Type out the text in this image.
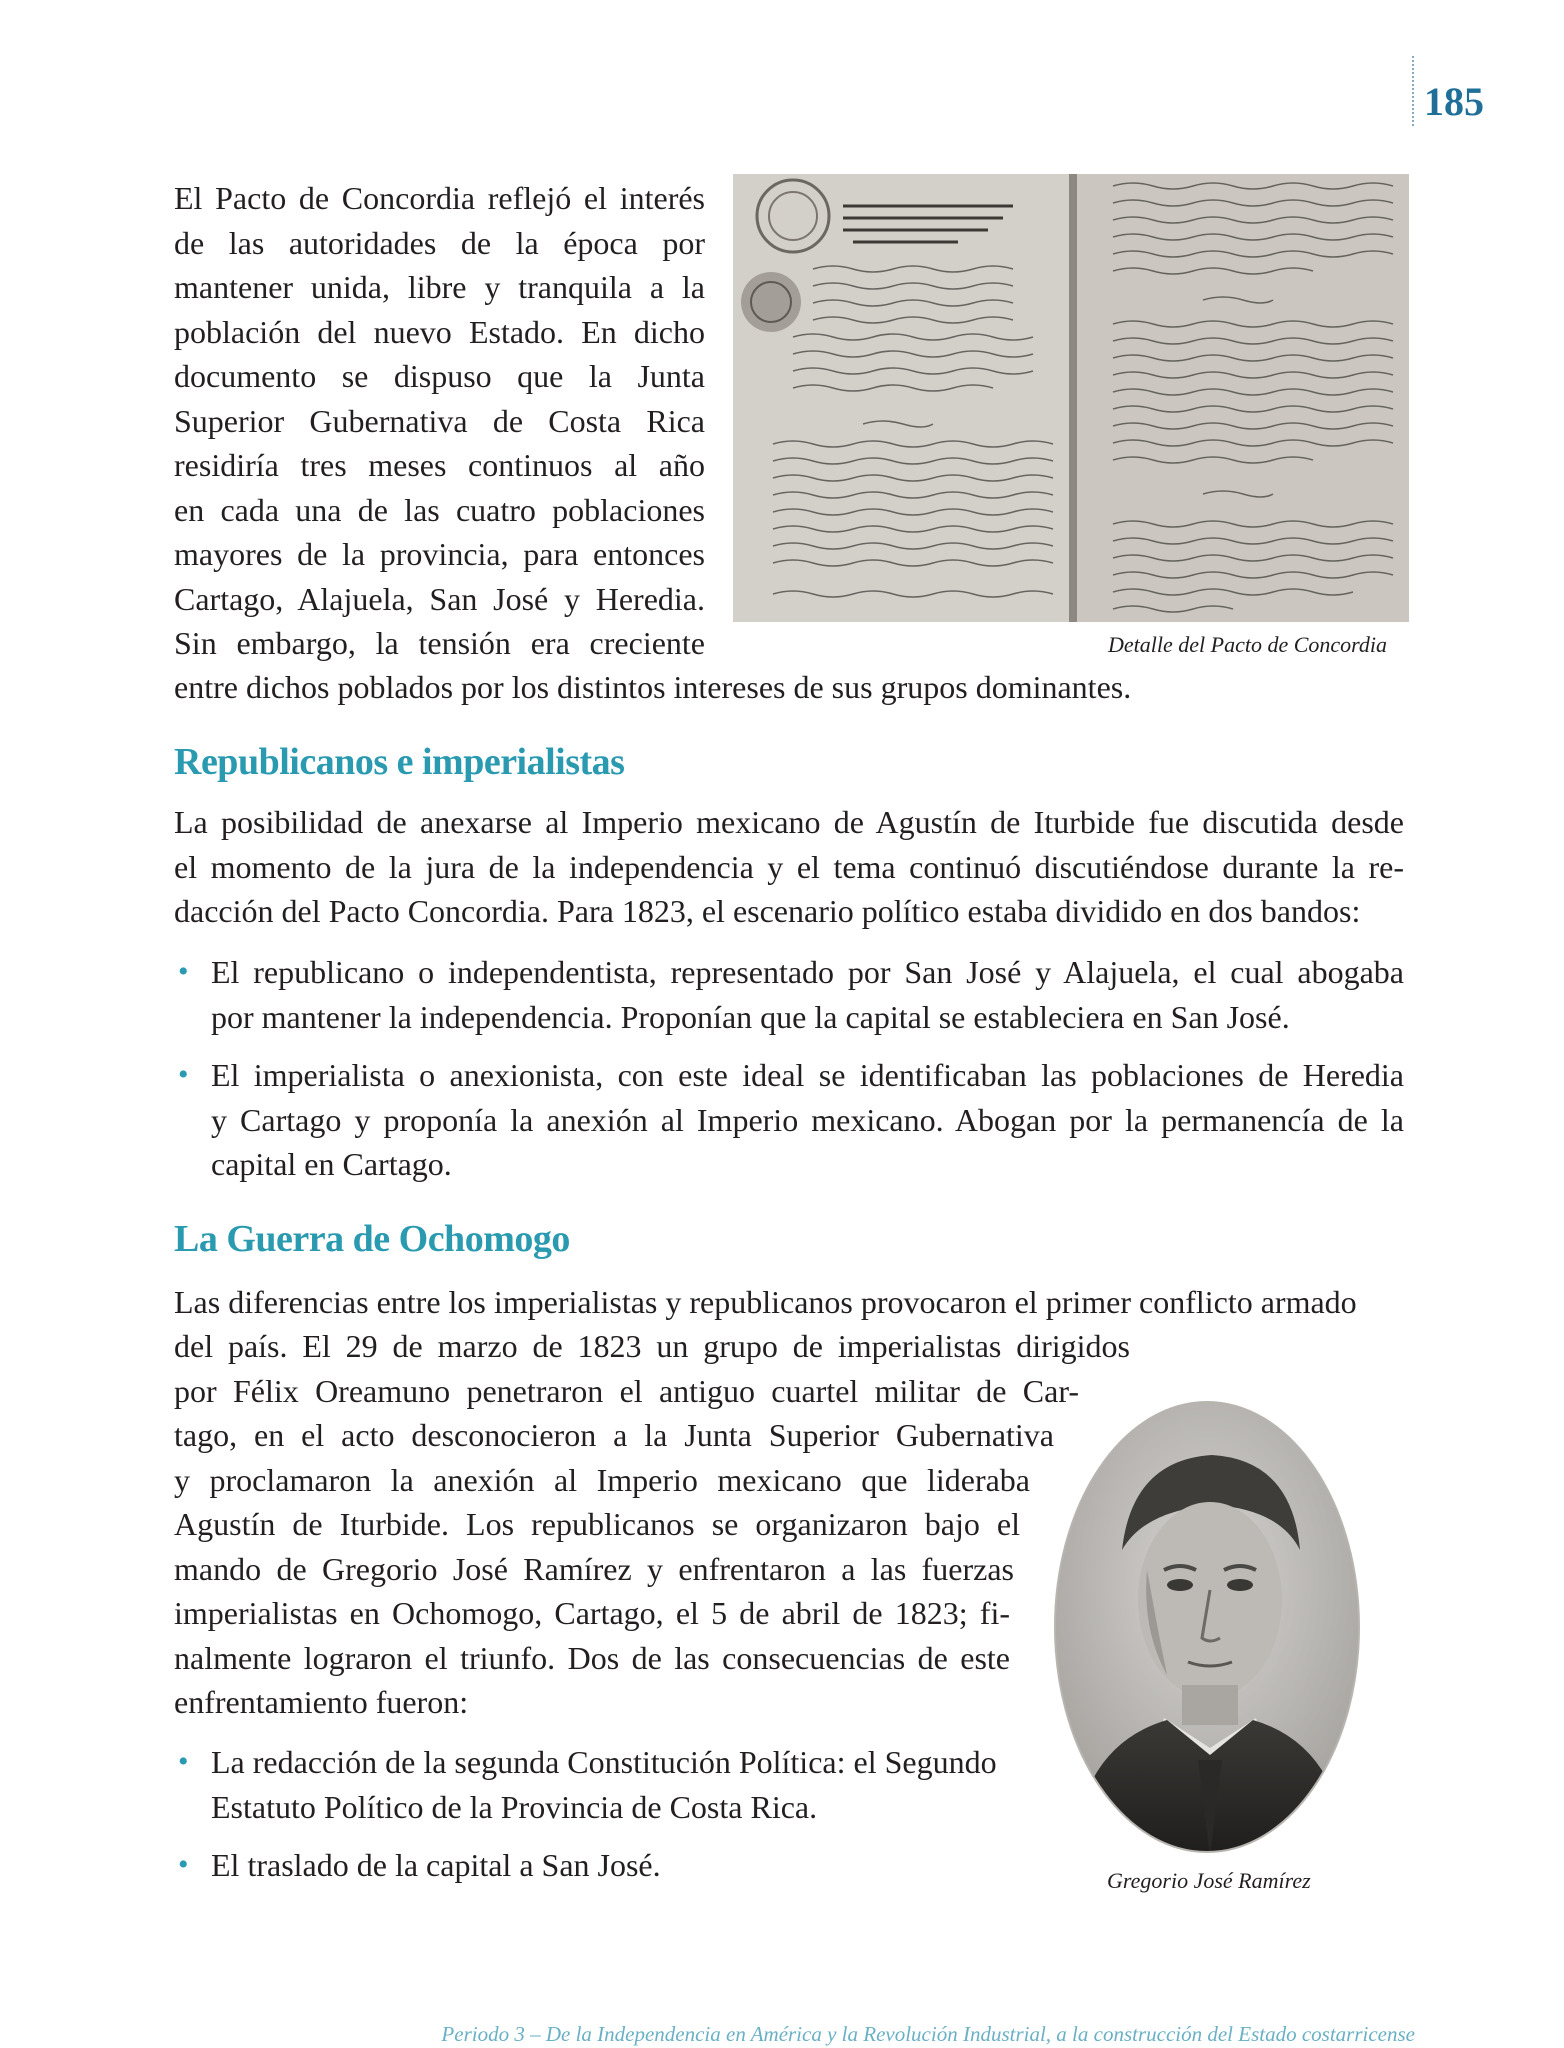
185
El Pacto de Concordia reflejó el interés
de las autoridades de la época por
mantener unida, libre y tranquila a la
población del nuevo Estado. En dicho
documento se dispuso que la Junta
Superior Gubernativa de Costa Rica
residiría tres meses continuos al año
en cada una de las cuatro poblaciones
mayores de la provincia, para entonces
Cartago, Alajuela, San José y Heredia.
Sin embargo, la tensión era creciente
entre dichos poblados por los distintos intereses de sus grupos dominantes.
Detalle del Pacto de Concordia
Republicanos e imperialistas
La posibilidad de anexarse al Imperio mexicano de Agustín de Iturbide fue discutida desde
el momento de la jura de la independencia y el tema continuó discutiéndose durante la re-
dacción del Pacto Concordia. Para 1823, el escenario político estaba dividido en dos bandos:
• El republicano o independentista, representado por San José y Alajuela, el cual abogaba
por mantener la independencia. Proponían que la capital se estableciera en San José.
• El imperialista o anexionista, con este ideal se identificaban las poblaciones de Heredia
y Cartago y proponía la anexión al Imperio mexicano. Abogan por la permanencía de la
capital en Cartago.
La Guerra de Ochomogo
Las diferencias entre los imperialistas y republicanos provocaron el primer conflicto armado
del país. El 29 de marzo de 1823 un grupo de imperialistas dirigidos
por Félix Oreamuno penetraron el antiguo cuartel militar de Car-
tago, en el acto desconocieron a la Junta Superior Gubernativa
y proclamaron la anexión al Imperio mexicano que lideraba
Agustín de Iturbide. Los republicanos se organizaron bajo el
mando de Gregorio José Ramírez y enfrentaron a las fuerzas
imperialistas en Ochomogo, Cartago, el 5 de abril de 1823; fi-
nalmente lograron el triunfo. Dos de las consecuencias de este
enfrentamiento fueron:
• La redacción de la segunda Constitución Política: el Segundo
Estatuto Político de la Provincia de Costa Rica.
• El traslado de la capital a San José.	Gregorio José Ramírez
Periodo 3 – De la Independencia en América y la Revolución Industrial, a la construcción del Estado costarricense
